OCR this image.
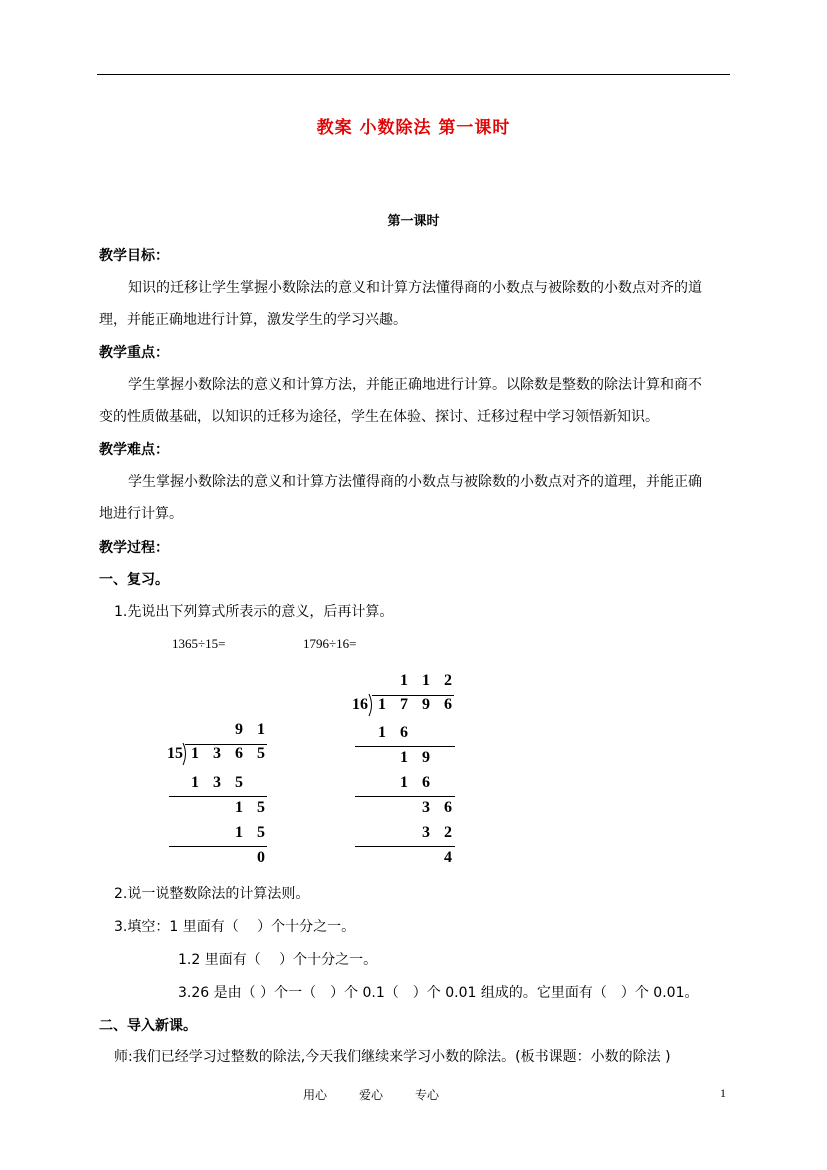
教案 小数除法 第一课时
第一课时
教学目标：
知识的迁移让学生掌握小数除法的意义和计算方法懂得商的小数点与被除数的小数点对齐的道
理，并能正确地进行计算，激发学生的学习兴趣。
教学重点：
学生掌握小数除法的意义和计算方法，并能正确地进行计算。以除数是整数的除法计算和商不
变的性质做基础，以知识的迁移为途径，学生在体验、探讨、迁移过程中学习领悟新知识。
教学难点：
学生掌握小数除法的意义和计算方法懂得商的小数点与被除数的小数点对齐的道理，并能正确
地进行计算。
教学过程：
一、复习。
1.先说出下列算式所表示的意义，后再计算。
1365÷15=	1796÷16=
9 1
15 1 3 6 5
1 3 5
1 5
1 5
0
1 1 2
16 1 7 9 6
1 6
1 9
1 6
3 6
3 2
4
2.说一说整数除法的计算法则。
3.填空：1 里面有（　 ）个十分之一。
1.2 里面有（　 ）个十分之一。
3.26 是由（ ）个一（　）个 0.1（　）个 0.01 组成的。它里面有（　）个 0.01。
二、导入新课。
师:我们已经学习过整数的除法,今天我们继续来学习小数的除法。(板书课题：小数的除法 )
用心	爱心	专心	1
